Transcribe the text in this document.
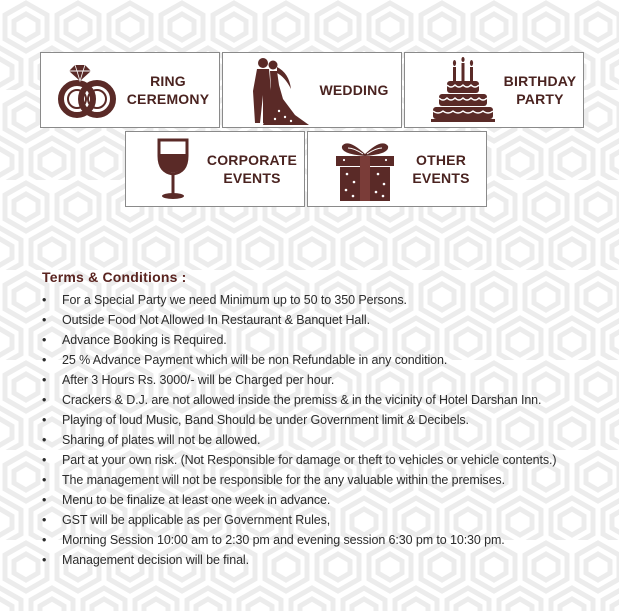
RING
CEREMONY
WEDDING
BIRTHDAY
PARTY
CORPORATE
EVENTS
OTHER
EVENTS
Terms & Conditions :
• For a Special Party we need Minimum up to 50 to 350 Persons.
• Outside Food Not Allowed In Restaurant & Banquet Hall.
• Advance Booking is Required.
• 25 % Advance Payment which will be non Refundable in any condition.
• After 3 Hours Rs. 3000/- will be Charged per hour.
• Crackers & D.J. are not allowed inside the premiss & in the vicinity of Hotel Darshan Inn.
• Playing of loud Music, Band Should be under Government limit & Decibels.
• Sharing of plates will not be allowed.
• Part at your own risk. (Not Responsible for damage or theft to vehicles or vehicle contents.)
• The management will not be responsible for the any valuable within the premises.
• Menu to be finalize at least one week in advance.
• GST will be applicable as per Government Rules,
• Morning Session 10:00 am to 2:30 pm and evening session 6:30 pm to 10:30 pm.
• Management decision will be final.
